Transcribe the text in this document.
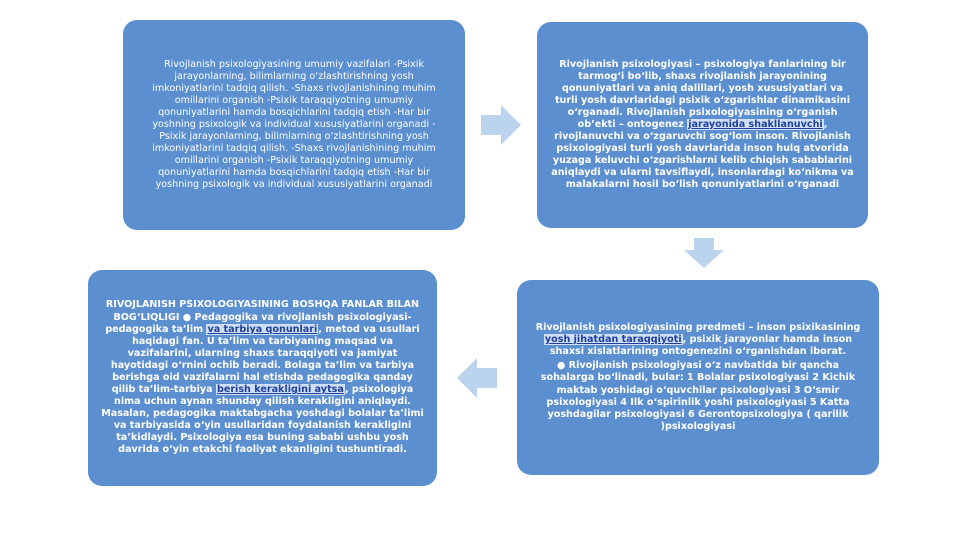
Rivojlanish psixologiyasining umumiy vazifalari -Psixik jarayonlarning, bilimlarning o‘zlashtirishning yosh imkoniyatlarini tadqiq qilish. -Shaxs rivojlanishining muhim omillarini organish -Psixik taraqqiyotning umumiy qonuniyatlarini hamda bosqichlarini tadqiq etish -Har bir yoshning psixologik va individual xususiyatlarini organadi -Psixik jarayonlarning, bilimlarning o‘zlashtirishning yosh imkoniyatlarini tadqiq qilish. -Shaxs rivojlanishining muhim omillarini organish -Psixik taraqqiyotning umumiy qonuniyatlarini hamda bosqichlarini tadqiq etish -Har bir yoshning psixologik va individual xususiyatlarini organadi

Rivojlanish psixologiyasi – psixologiya fanlarining bir tarmog‘i bo‘lib, shaxs rivojlanish jarayonining qonuniyatlari va aniq dalillari, yosh xususiyatlari va turli yosh davrlaridagi psixik o‘zgarishlar dinamikasini o‘rganadi. Rivojlanish psixologiyasining o‘rganish ob’ekti – ontogenez jarayonida shakllanuvchi, rivojlanuvchi va o‘zgaruvchi sog‘lom inson. Rivojlanish psixologiyasi turli yosh davrlarida inson hulq atvorida yuzaga keluvchi o‘zgarishlarni kelib chiqish sabablarini aniqlaydi va ularni tavsiflaydi, insonlardagi ko‘nikma va malakalarni hosil bo‘lish qonuniyatlarini o‘rganadi

Rivojlanish psixologiyasining predmeti – inson psixikasining yosh jihatdan taraqqiyoti, psixik jarayonlar hamda inson shaxsi xislatlarining ontogenezini o‘rganishdan iborat.

● Rivojlanish psixologiyasi o‘z navbatida bir qancha sohalarga bo‘linadi, bular: 1 Bolalar psixologiyasi 2 Kichik maktab yoshidagi o‘quvchilar psixologiyasi 3 O‘smir psixologiyasi 4 Ilk o‘spirinlik yoshi psixologiyasi 5 Katta yoshdagilar psixologiyasi 6 Gerontopsixologiya ( qarilik )psixologiyasi

RIVOJLANISH PSIXOLOGIYASINING BOSHQA FANLAR BILAN BOG‘LIQLIGI ● Pedagogika va rivojlanish psixologiyasi- pedagogika ta’lim va tarbiya qonunlari, metod va usullari haqidagi fan. U ta’lim va tarbiyaning maqsad va vazifalarini, ularning shaxs taraqqiyoti va jamiyat hayotidagi o‘rnini ochib beradi. Bolaga ta’lim va tarbiya berishga oid vazifalarni hal etishda pedagogika qanday qilib ta’lim-tarbiya berish kerakligini aytsa, psixologiya nima uchun aynan shunday qilish kerakligini aniqlaydi. Masalan, pedagogika maktabgacha yoshdagi bolalar ta’limi va tarbiyasida o‘yin usullaridan foydalanish kerakligini ta’kidlaydi. Psixologiya esa buning sababi ushbu yosh davrida o‘yin etakchi faoliyat ekanligini tushuntiradi.
